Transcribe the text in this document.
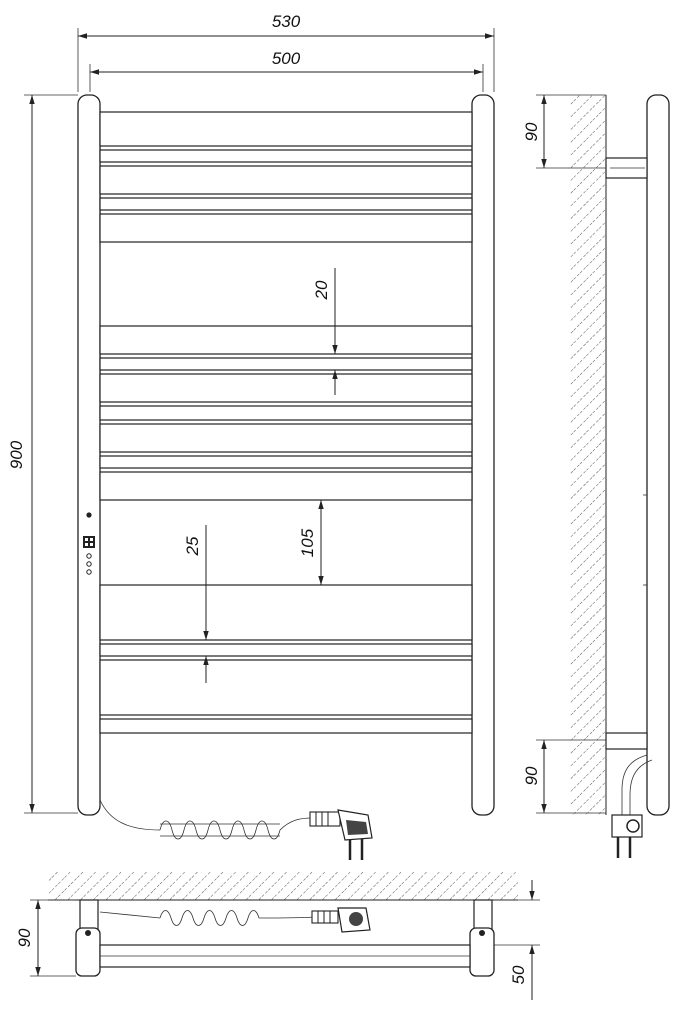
530
500
900
20
105
25
90
90
90
50
